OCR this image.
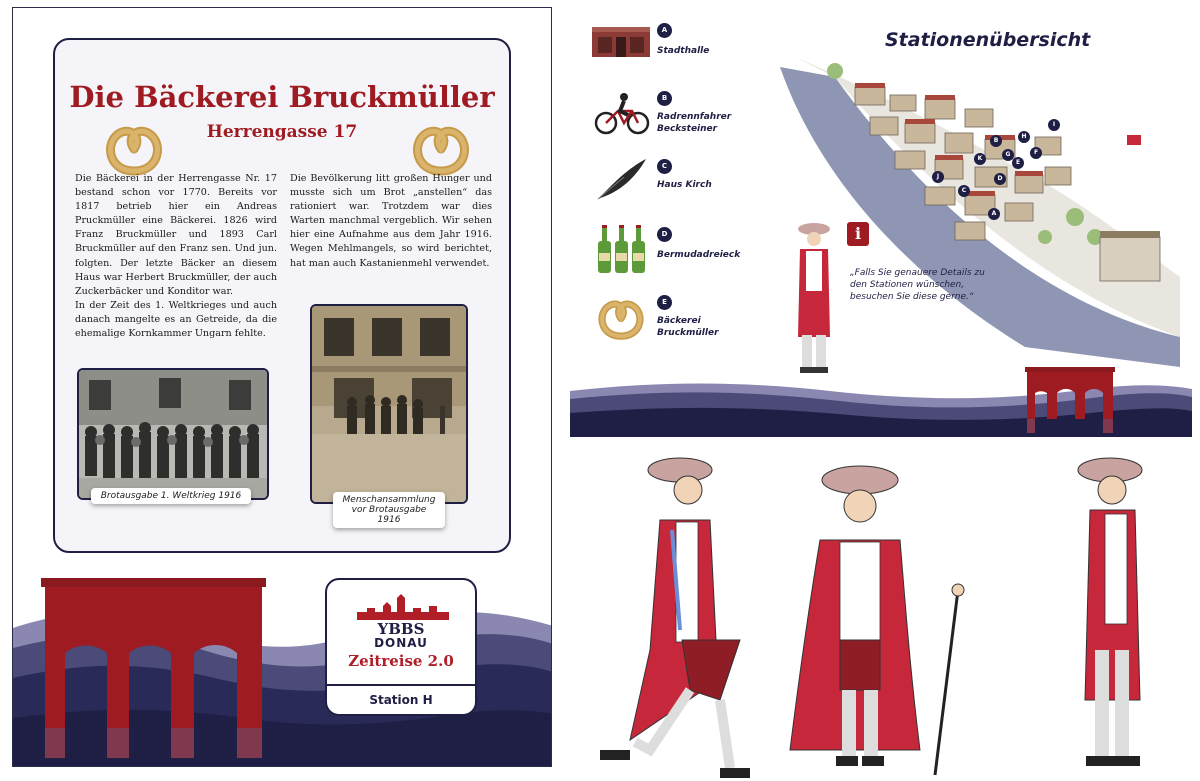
Die Bäckerei Bruckmüller
Herrengasse 17

Die Bäckerei in der Herrengasse Nr. 17 bestand schon vor 1770. Bereits vor 1817 betrieb hier ein Andreas Pruckmüller eine Bäckerei. 1826 wird Franz Bruckmüller und 1893 Carl Bruckmüller auf den Franz sen. Und jun. folgten. Der letzte Bäcker an diesem Haus war Herbert Bruckmüller, der auch Zuckerbäcker und Konditor war.

In der Zeit des 1. Weltkrieges und auch danach mangelte es an Getreide, da die ehemalige Kornkammer Ungarn fehlte.

Die Bevölkerung litt großen Hunger und musste sich um Brot „anstellen“ das rationiert war. Trotzdem war dies Warten manchmal vergeblich. Wir sehen hier eine Aufnahme aus dem Jahr 1916. Wegen Mehlmangels, so wird berichtet, hat man auch Kastanienmehl verwendet.

Brotausgabe 1. Weltkrieg 1916	Menschansammlung
vor Brotausgabe 1916
YBBS
DONAU
Zeitreise 2.0
Station H
A
Stadthalle
B
Radrennfahrer
Becksteiner
C
Haus Kirch
D
Bermudadreieck
E
Bäckerei
Bruckmüller
Stationenübersicht
A
B
C
D
E
F
G
H
I
J
K
i
„Falls Sie genauere Details zu den Stationen wünschen, besuchen Sie diese gerne.“
